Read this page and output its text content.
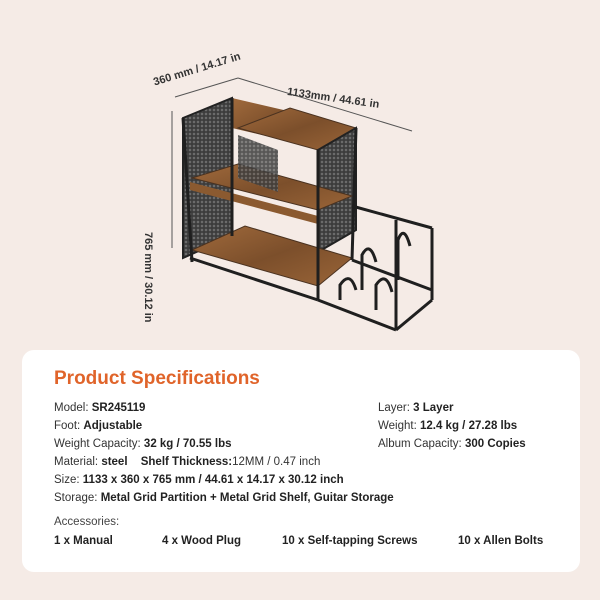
360 mm / 14.17 in
1133mm / 44.61 in
765 mm / 30.12 in
Product Specifications
Model: SR245119
Foot: Adjustable
Weight Capacity: 32 kg / 70.55 lbs
Material: steel Shelf Thickness:12MM / 0.47 inch
Size: 1133 x 360 x 765 mm / 44.61 x 14.17 x 30.12 inch
Storage: Metal Grid Partition + Metal Grid Shelf, Guitar Storage
Layer: 3 Layer
Weight: 12.4 kg / 27.28 lbs
Album Capacity: 300 Copies
Accessories:
1 x Manual	4 x Wood Plug	10 x Self-tapping Screws	10 x Allen Bolts
